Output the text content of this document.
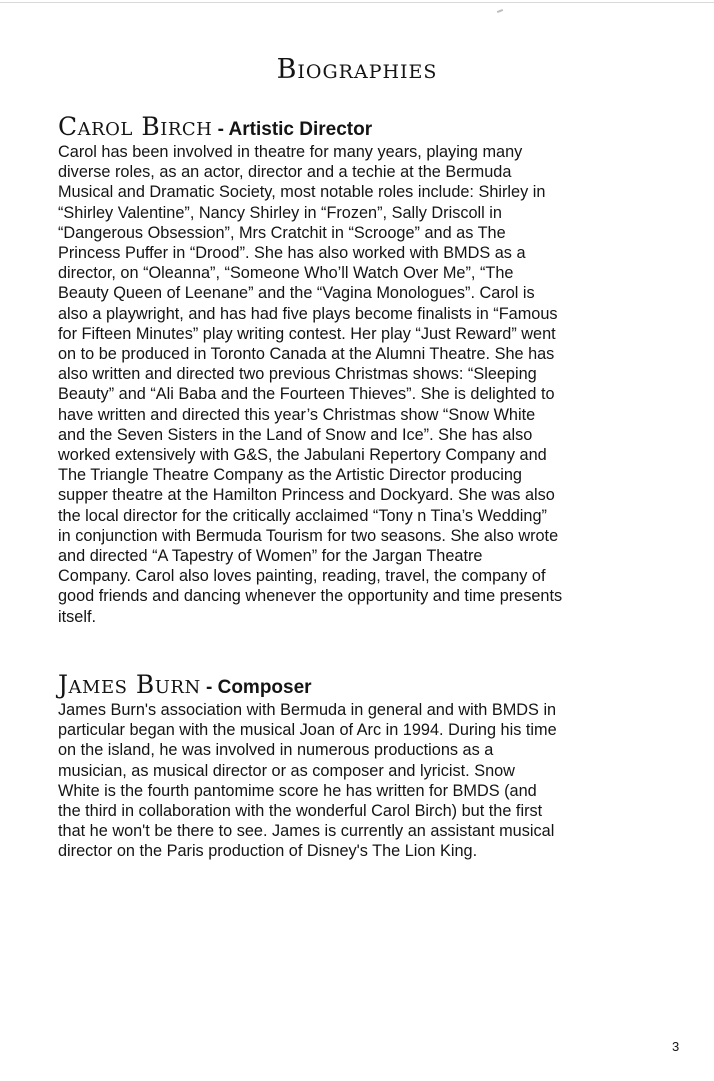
Biographies
Carol Birch - Artistic Director

Carol has been involved in theatre for many years, playing many
diverse roles, as an actor, director and a techie at the Bermuda
Musical and Dramatic Society, most notable roles include: Shirley in
“Shirley Valentine”, Nancy Shirley in “Frozen”, Sally Driscoll in
“Dangerous Obsession”, Mrs Cratchit in “Scrooge” and as The
Princess Puffer in “Drood”. She has also worked with BMDS as a
director, on “Oleanna”, “Someone Who’ll Watch Over Me”, “The
Beauty Queen of Leenane” and the “Vagina Monologues”. Carol is
also a playwright, and has had five plays become finalists in “Famous
for Fifteen Minutes” play writing contest. Her play “Just Reward” went
on to be produced in Toronto Canada at the Alumni Theatre. She has
also written and directed two previous Christmas shows: “Sleeping
Beauty” and “Ali Baba and the Fourteen Thieves”. She is delighted to
have written and directed this year’s Christmas show “Snow White
and the Seven Sisters in the Land of Snow and Ice”. She has also
worked extensively with G&S, the Jabulani Repertory Company and
The Triangle Theatre Company as the Artistic Director producing
supper theatre at the Hamilton Princess and Dockyard. She was also
the local director for the critically acclaimed “Tony n Tina’s Wedding”
in conjunction with Bermuda Tourism for two seasons. She also wrote
and directed “A Tapestry of Women” for the Jargan Theatre
Company. Carol also loves painting, reading, travel, the company of
good friends and dancing whenever the opportunity and time presents
itself.

James Burn - Composer

James Burn's association with Bermuda in general and with BMDS in
particular began with the musical Joan of Arc in 1994. During his time
on the island, he was involved in numerous productions as a
musician, as musical director or as composer and lyricist. Snow
White is the fourth pantomime score he has written for BMDS (and
the third in collaboration with the wonderful Carol Birch) but the first
that he won't be there to see. James is currently an assistant musical
director on the Paris production of Disney's The Lion King.

3
